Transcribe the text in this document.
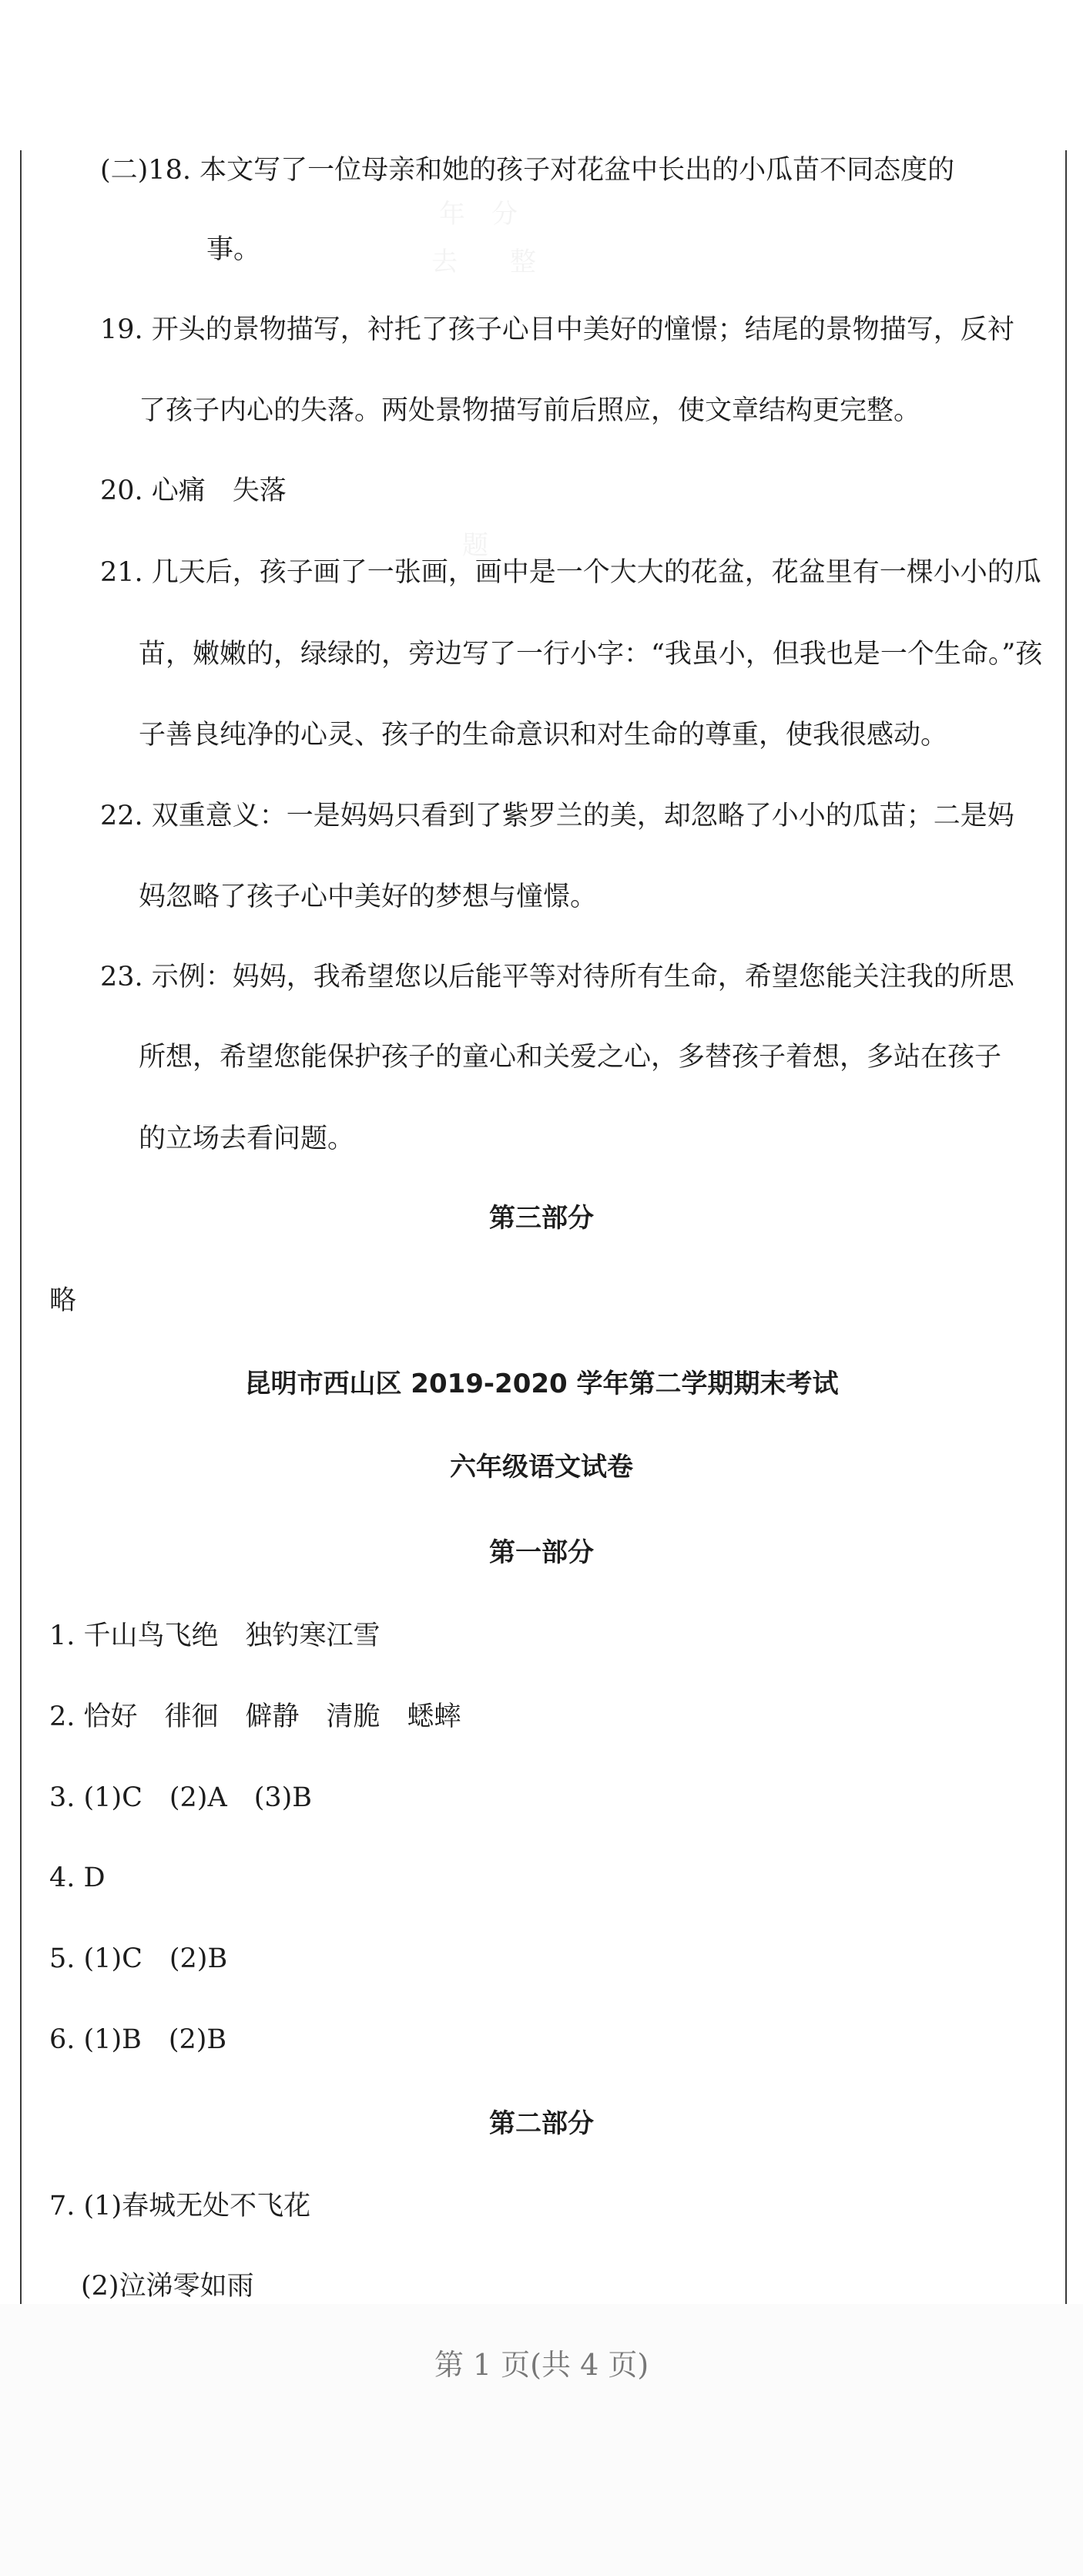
年　分
去　　整
题　　　
(二)18. 本文写了一位母亲和她的孩子对花盆中长出的小瓜苗不同态度的
事。
19. 开头的景物描写，衬托了孩子心目中美好的憧憬；结尾的景物描写，反衬
了孩子内心的失落。两处景物描写前后照应，使文章结构更完整。
20. 心痛　失落
21. 几天后，孩子画了一张画，画中是一个大大的花盆，花盆里有一棵小小的瓜
苗，嫩嫩的，绿绿的，旁边写了一行小字：“我虽小，但我也是一个生命。”孩
子善良纯净的心灵、孩子的生命意识和对生命的尊重，使我很感动。
22. 双重意义：一是妈妈只看到了紫罗兰的美，却忽略了小小的瓜苗；二是妈
妈忽略了孩子心中美好的梦想与憧憬。
23. 示例：妈妈，我希望您以后能平等对待所有生命，希望您能关注我的所思
所想，希望您能保护孩子的童心和关爱之心，多替孩子着想，多站在孩子
的立场去看问题。
第三部分
略
昆明市西山区 2019-2020 学年第二学期期末考试
六年级语文试卷
第一部分
1. 千山鸟飞绝　独钓寒江雪
2. 恰好　徘徊　僻静　清脆　蟋蟀
3. (1)C　(2)A　(3)B
4. D
5. (1)C　(2)B
6. (1)B　(2)B
第二部分
7. (1)春城无处不飞花
(2)泣涕零如雨
第 1 页(共 4 页)
